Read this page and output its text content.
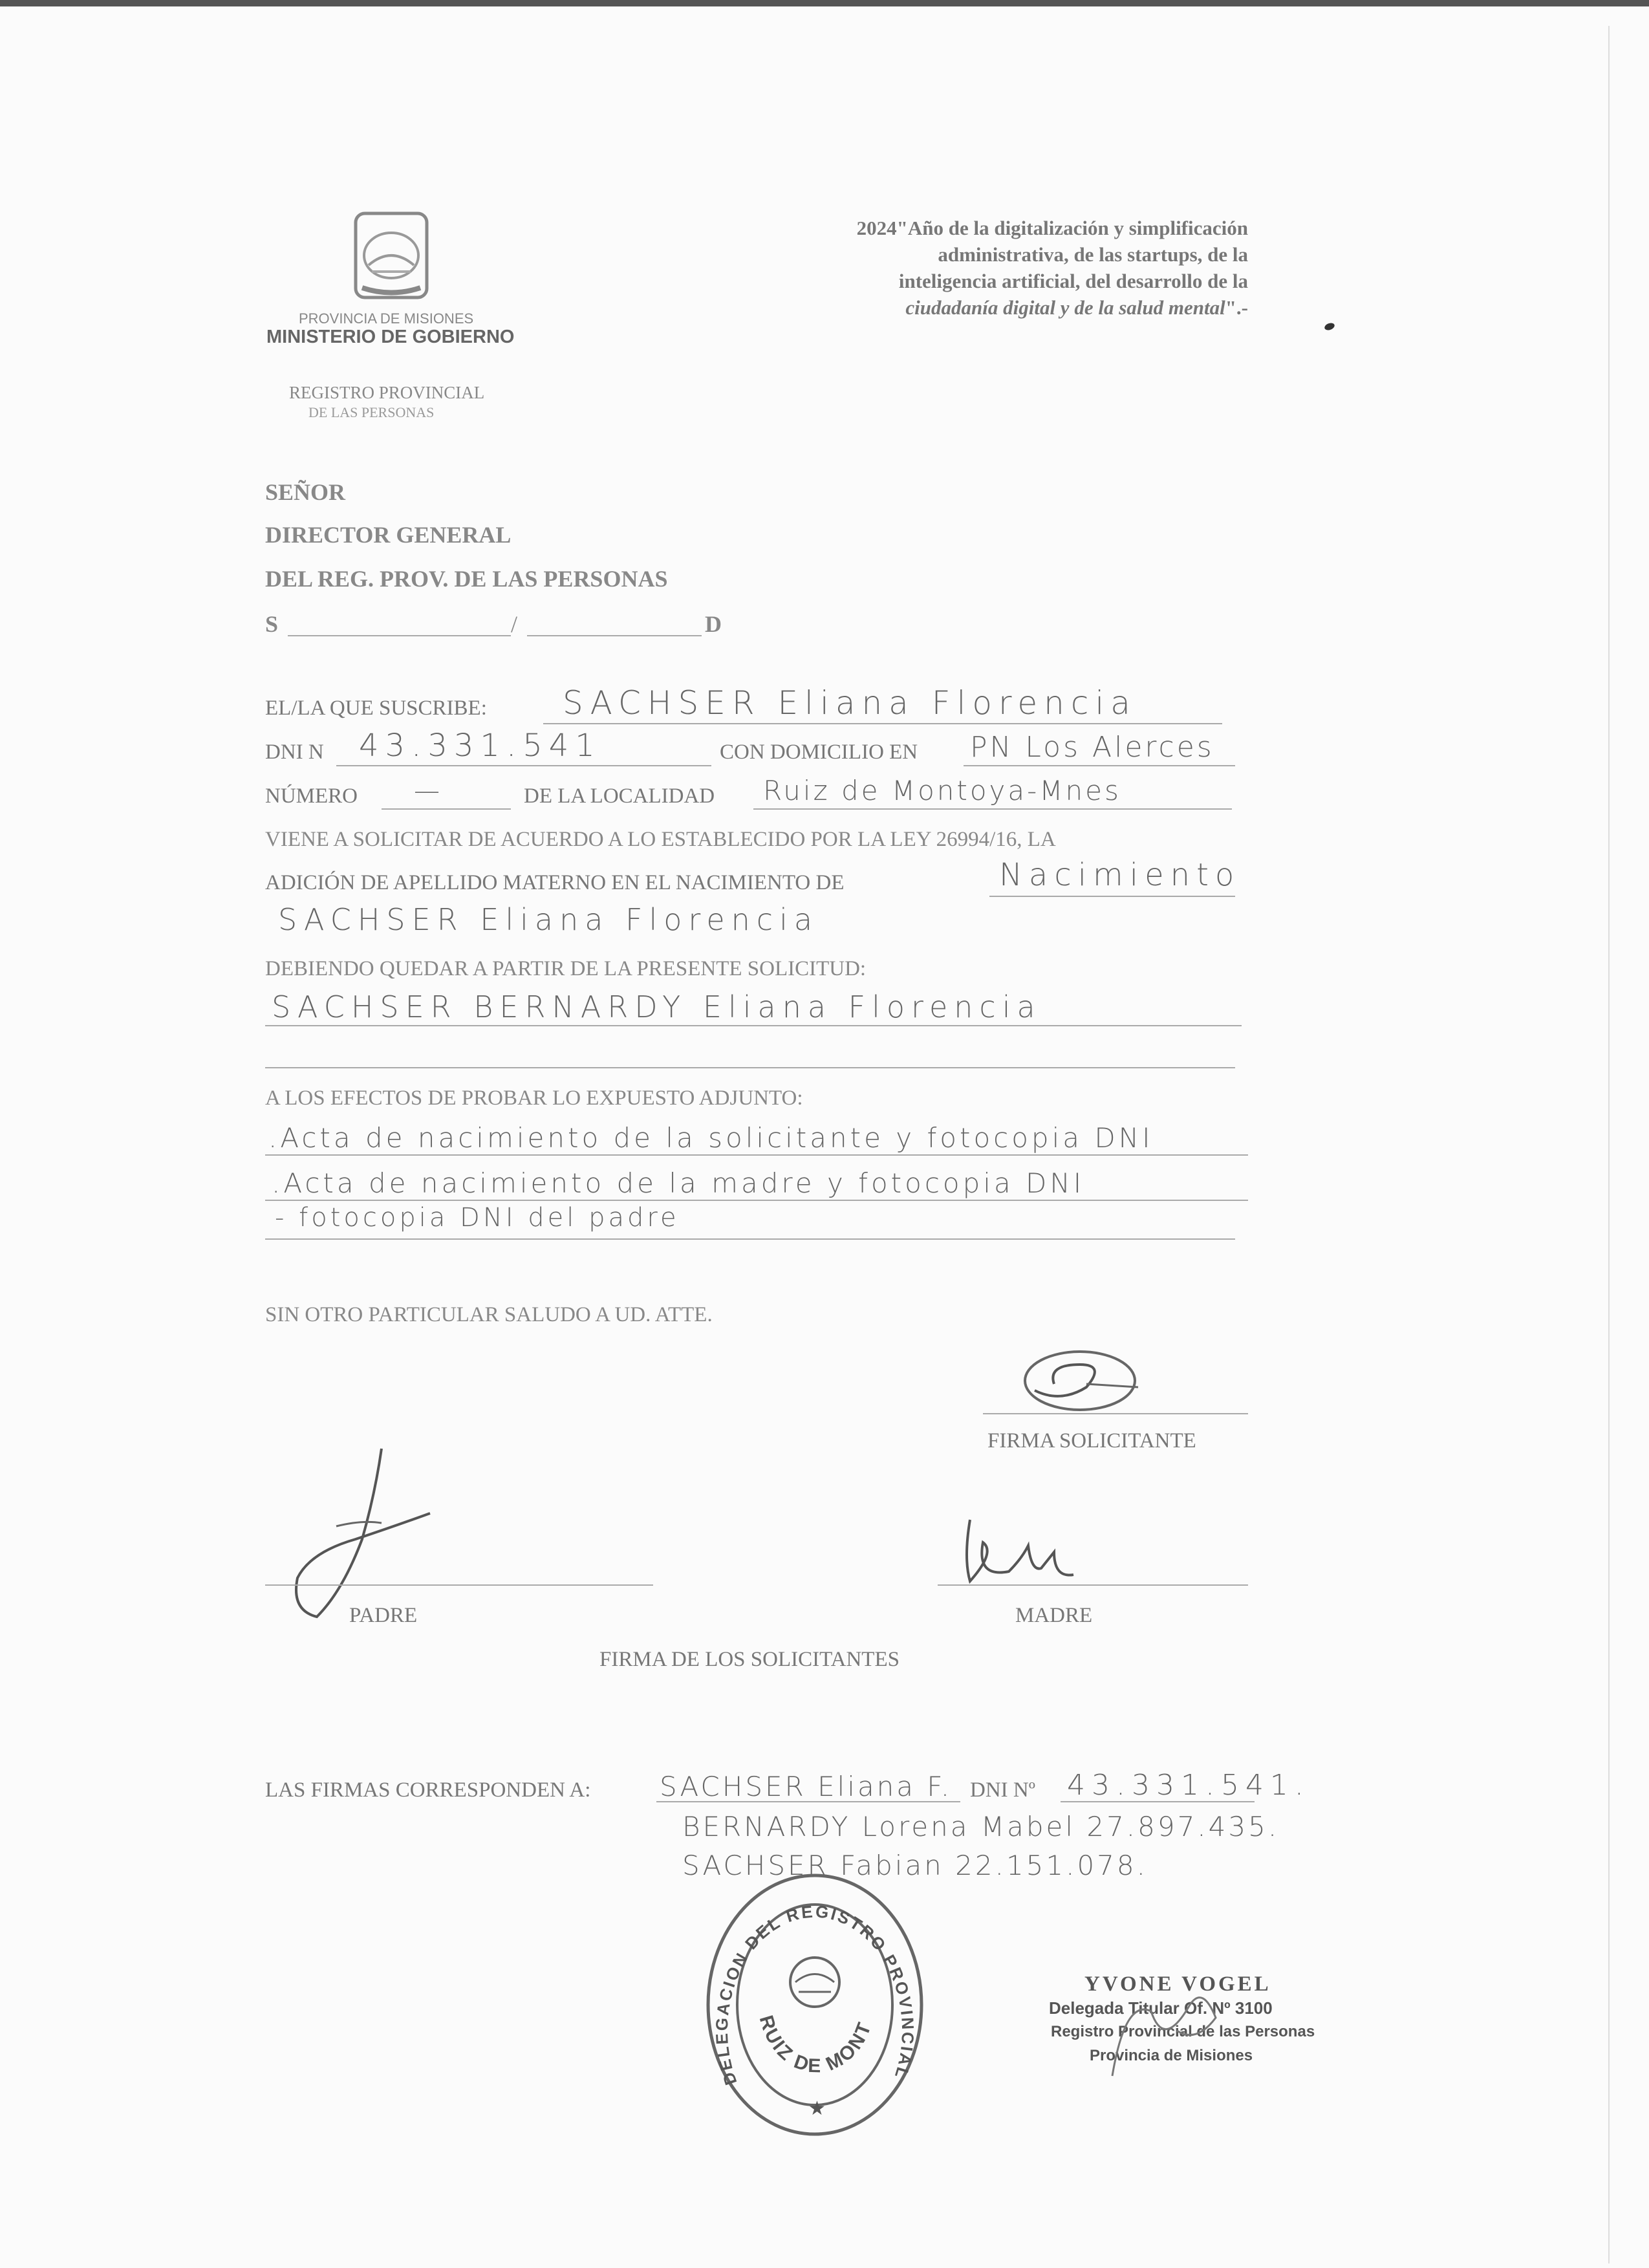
PROVINCIA DE MISIONES
MINISTERIO DE GOBIERNO
REGISTRO PROVINCIAL
DE LAS PERSONAS
2024"Año de la digitalización y simplificación
administrativa, de las startups, de la
inteligencia artificial, del desarrollo de la
ciudadanía digital y de la salud mental".-
SEÑOR
DIRECTOR GENERAL
DEL REG. PROV. DE LAS PERSONAS
S	/	D
EL/LA QUE SUSCRIBE: SACHSER Eliana Florencia
DNI N 43.331.541	CON DOMICILIO EN PN Los Alerces
NÚMERO —	DE LA LOCALIDAD Ruiz de Montoya-Mnes
VIENE A SOLICITAR DE ACUERDO A LO ESTABLECIDO POR LA LEY 26994/16, LA
ADICIÓN DE APELLIDO MATERNO EN EL NACIMIENTO DE	Nacimiento
SACHSER Eliana Florencia
DEBIENDO QUEDAR A PARTIR DE LA PRESENTE SOLICITUD:
SACHSER BERNARDY Eliana Florencia
A LOS EFECTOS DE PROBAR LO EXPUESTO ADJUNTO:
.Acta de nacimiento de la solicitante y fotocopia DNI
.Acta de nacimiento de la madre y fotocopia DNI
- fotocopia DNI del padre
SIN OTRO PARTICULAR SALUDO A UD. ATTE.
FIRMA SOLICITANTE
PADRE	MADRE
FIRMA DE LOS SOLICITANTES
LAS FIRMAS CORRESPONDEN A:	SACHSER Eliana F. DNI Nº 43.331.541.
BERNARDY Lorena Mabel 27.897.435.
SACHSER Fabian 22.151.078.
DELEGACION DEL REGISTRO PROVINCIAL
RUIZ DE MONT
★
YVONE VOGEL
Delegada Titular Of. Nº 3100
Registro Provincial de las Personas
Provincia de Misiones
